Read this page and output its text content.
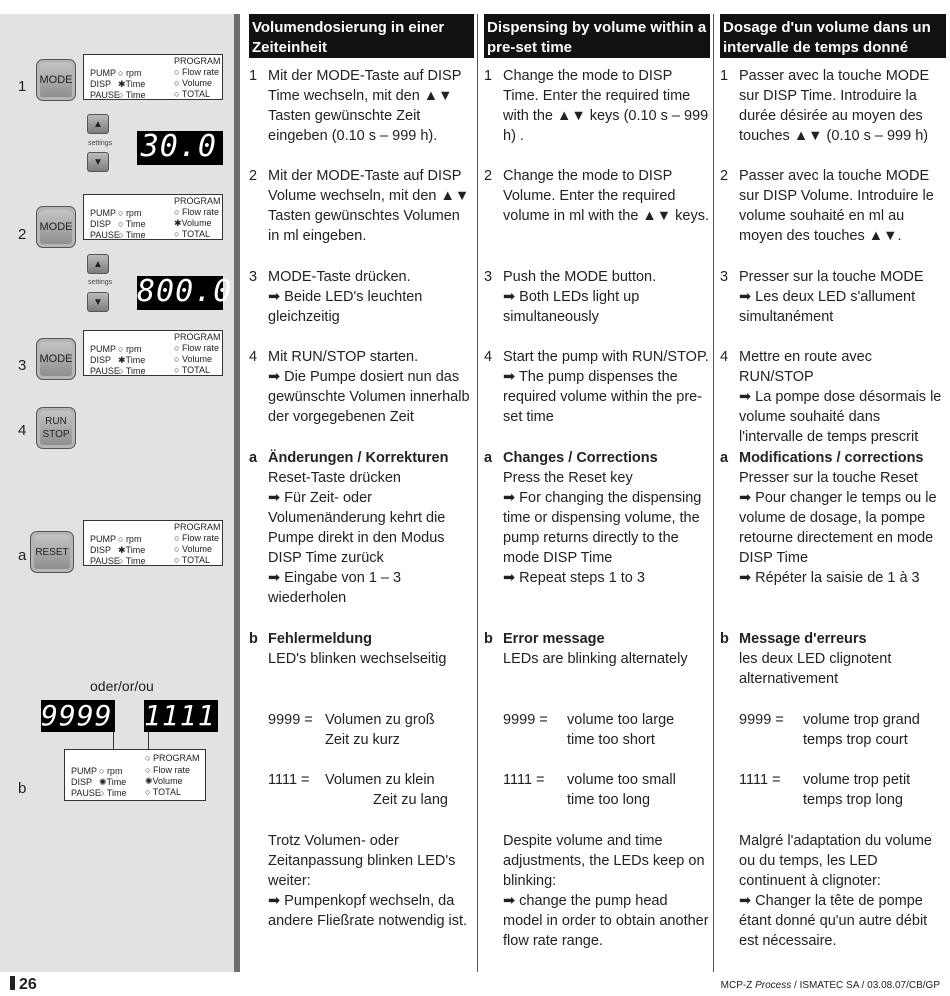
1	MODE
PROGRAM
PUMP ○ rpm	○ Flow rate
DISP ✱Time	○ Volume
PAUSE
○ Time	○ TOTAL
▲
settings
▼ 30.0
2	MODE
PROGRAM
PUMP ○ rpm	○ Flow rate
DISP ○ Time	✱Volume
PAUSE
○ Time	○ TOTAL
▲
settings
▼ 800.0
3	MODE
PROGRAM
PUMP ○ rpm	○ Flow rate
DISP ✱Time	○ Volume
PAUSE
○ Time	○ TOTAL
4
RUN STOP
a RESET
PROGRAM
PUMP ○ rpm	○ Flow rate
DISP ✱Time	○ Volume
PAUSE
○ Time	○ TOTAL
oder/or/ou
9999 1111
b
○ PROGRAM
PUMP ○ rpm	○ Flow rate
DISP ✺Time ✺Volume
PAUSE
○ Time ○ TOTAL
Volumendosierung in einer Zeiteinheit
1 Mit der MODE-Taste auf DISP Time wechseln, mit den ▲▼ Tasten gewünschte Zeit eingeben (0.10 s – 999 h).
2 Mit der MODE-Taste auf DISP Volume wechseln, mit den ▲▼ Tasten gewünschtes Volumen in ml eingeben.
3 MODE-Taste drücken.
➡ Beide LED's leuchten gleichzeitig
4 Mit RUN/STOP starten.
➡ Die Pumpe dosiert nun das gewünschte Volumen innerhalb der vorgegebenen Zeit
a Änderungen / Korrekturen
Reset-Taste drücken
➡ Für Zeit- oder Volumenänderung kehrt die Pumpe direkt in den Modus DISP Time zurück
➡ Eingabe von 1 – 3 wiederholen
b Fehlermeldung
LED's blinken wechselseitig
9999 = Volumen zu groß
Zeit zu kurz
1111 = Volumen zu klein
Zeit zu lang
Trotz Volumen- oder Zeitanpassung blinken LED's weiter:
➡ Pumpenkopf wechseln, da andere Fließrate notwendig ist.
Dispensing by volume within a pre-set time
1 Change the mode to DISP Time. Enter the required time with the ▲▼ keys (0.10 s – 999 h) .
2 Change the mode to DISP Volume. Enter the required volume in ml with the ▲▼ keys.
3 Push the MODE button.
➡ Both LEDs light up simultaneously
4 Start the pump with RUN/STOP.
➡ The pump dispenses the required volume within the pre-set time
a Changes / Corrections
Press the Reset key
➡ For changing the dispensing time or dispensing volume, the pump returns directly to the mode DISP Time
➡ Repeat steps 1 to 3
b Error message
LEDs are blinking alternately
9999 = volume too large
time too short
1111 = volume too small
time too long
Despite volume and time adjustments, the LEDs keep on blinking:
➡ change the pump head model in order to obtain another flow rate range.
Dosage d'un volume dans un intervalle de temps donné
1 Passer avec la touche MODE sur DISP Time. Introduire la durée désirée au moyen des touches ▲▼ (0.10 s – 999 h)
2 Passer avec la touche MODE sur DISP Volume. Introduire le volume souhaité en ml au moyen des touches ▲▼.
3 Presser sur la touche MODE
➡ Les deux LED s'allument simultanément
4 Mettre en route avec RUN/STOP
➡ La pompe dose désormais le volume souhaité dans l'intervalle de temps prescrit
a Modifications / corrections
Presser sur la touche Reset
➡ Pour changer le temps ou le volume de dosage, la pompe retourne directement en mode DISP Time
➡ Répéter la saisie de 1 à 3
b Message d'erreurs
les deux LED clignotent alternativement
9999 = volume trop grand
temps trop court
1111 = volume trop petit
temps trop long
Malgré l'adaptation du volume ou du temps, les LED continuent à clignoter:
➡ Changer la tête de pompe étant donné qu'un autre débit est nécessaire.
26	MCP-Z Process / ISMATEC SA / 03.08.07/CB/GP
